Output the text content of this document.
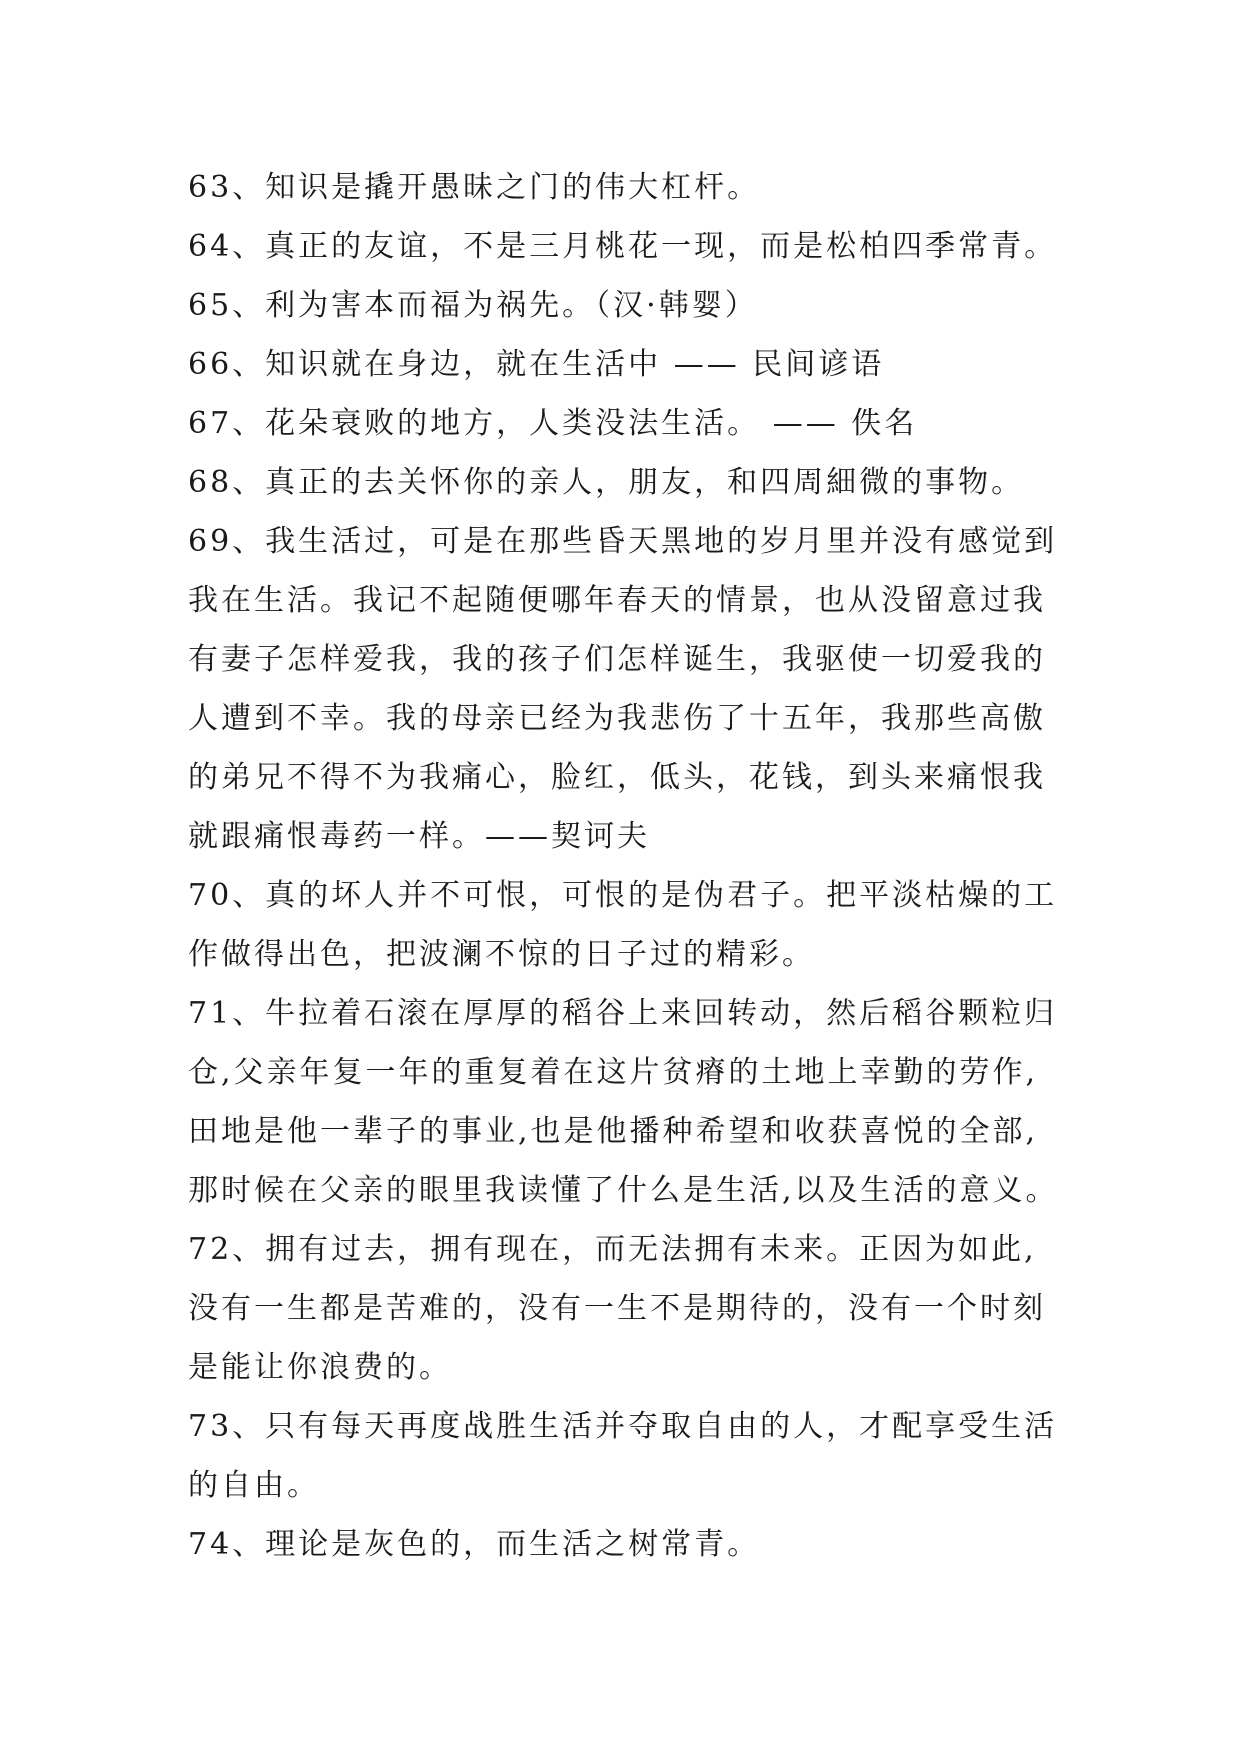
63、知识是撬开愚昧之门的伟大杠杆。
64、真正的友谊，不是三月桃花一现，而是松柏四季常青。
65、利为害本而福为祸先。（汉·韩婴）
66、知识就在身边，就在生活中 —— 民间谚语
67、花朵衰败的地方，人类没法生活。 —— 佚名
68、真正的去关怀你的亲人，朋友，和四周細微的事物。
69、我生活过，可是在那些昏天黑地的岁月里并没有感觉到
我在生活。我记不起随便哪年春天的情景，也从没留意过我
有妻子怎样爱我，我的孩子们怎样诞生，我驱使一切爱我的
人遭到不幸。我的母亲已经为我悲伤了十五年，我那些高傲
的弟兄不得不为我痛心，脸红，低头，花钱，到头来痛恨我
就跟痛恨毒药一样。——契诃夫
70、真的坏人并不可恨，可恨的是伪君子。把平淡枯燥的工
作做得出色，把波澜不惊的日子过的精彩。
71、牛拉着石滚在厚厚的稻谷上来回转动，然后稻谷颗粒归
仓,父亲年复一年的重复着在这片贫瘠的土地上幸勤的劳作,
田地是他一辈子的事业,也是他播种希望和收获喜悦的全部,
那时候在父亲的眼里我读懂了什么是生活,以及生活的意义。
72、拥有过去，拥有现在，而无法拥有未来。正因为如此,
没有一生都是苦难的，没有一生不是期待的，没有一个时刻
是能让你浪费的。
73、只有每天再度战胜生活并夺取自由的人，才配享受生活
的自由。
74、理论是灰色的，而生活之树常青。
